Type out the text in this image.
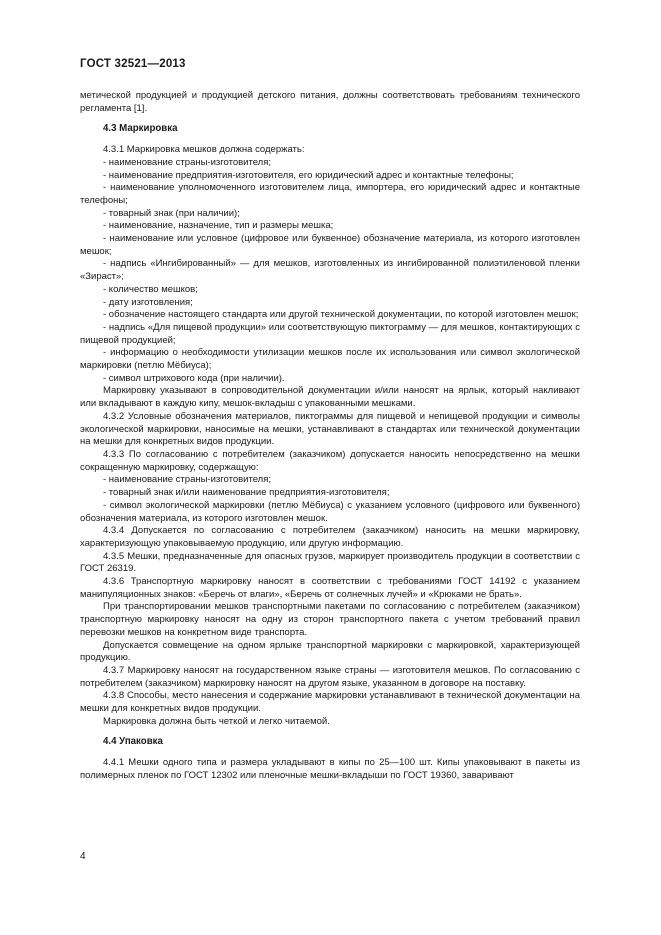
ГОСТ 32521—2013

метической продукцией и продукцией детского питания, должны соответствовать требованиям технического регламента [1].

4.3 Маркировка

4.3.1 Маркировка мешков должна содержать:

- наименование страны-изготовителя;

- наименование предприятия-изготовителя, его юридический адрес и контактные телефоны;

- наименование уполномоченного изготовителем лица, импортера, его юридический адрес и контактные телефоны;

- товарный знак (при наличии);

- наименование, назначение, тип и размеры мешка;

- наименование или условное (цифровое или буквенное) обозначение материала, из которого изготовлен мешок;

- надпись «Ингибированный» — для мешков, изготовленных из ингибированной полиэтиленовой пленки «Зираст»;

- количество мешков;

- дату изготовления;

- обозначение настоящего стандарта или другой технической документации, по которой изготовлен мешок;

- надпись «Для пищевой продукции» или соответствующую пиктограмму — для мешков, контактирующих с пищевой продукцией;

- информацию о необходимости утилизации мешков после их использования или символ экологической маркировки (петлю Мёбиуса);

- символ штрихового кода (при наличии).

Маркировку указывают в сопроводительной документации и/или наносят на ярлык, который накливают или вкладывают в каждую кипу, мешок-вкладыш с упакованными мешками.

4.3.2 Условные обозначения материалов, пиктограммы для пищевой и непищевой продукции и символы экологической маркировки, наносимые на мешки, устанавливают в стандартах или технической документации на мешки для конкретных видов продукции.

4.3.3 По согласованию с потребителем (заказчиком) допускается наносить непосредственно на мешки сокращенную маркировку, содержащую:

- наименование страны-изготовителя;

- товарный знак и/или наименование предприятия-изготовителя;

- символ экологической маркировки (петлю Мёбиуса) с указанием условного (цифрового или буквенного) обозначения материала, из которого изготовлен мешок.

4.3.4 Допускается по согласованию с потребителем (заказчиком) наносить на мешки маркировку, характеризующую упаковываемую продукцию, или другую информацию.

4.3.5 Мешки, предназначенные для опасных грузов, маркирует производитель продукции в соответствии с ГОСТ 26319.

4.3.6 Транспортную маркировку наносят в соответствии с требованиями ГОСТ 14192 с указанием манипуляционных знаков: «Беречь от влаги», «Беречь от солнечных лучей» и «Крюками не брать».

При транспортировании мешков транспортными пакетами по согласованию с потребителем (заказчиком) транспортную маркировку наносят на одну из сторон транспортного пакета с учетом требований правил перевозки мешков на конкретном виде транспорта.

Допускается совмещение на одном ярлыке транспортной маркировки с маркировкой, характеризующей продукцию.

4.3.7 Маркировку наносят на государственном языке страны — изготовителя мешков. По согласованию с потребителем (заказчиком) маркировку наносят на другом языке, указанном в договоре на поставку.

4.3.8 Способы, место нанесения и содержание маркировки устанавливают в технической документации на мешки для конкретных видов продукции.

Маркировка должна быть четкой и легко читаемой.

4.4 Упаковка

4.4.1 Мешки одного типа и размера укладывают в кипы по 25—100 шт. Кипы упаковывают в пакеты из полимерных пленок по ГОСТ 12302 или пленочные мешки-вкладыши по ГОСТ 19360, заваривают

4
